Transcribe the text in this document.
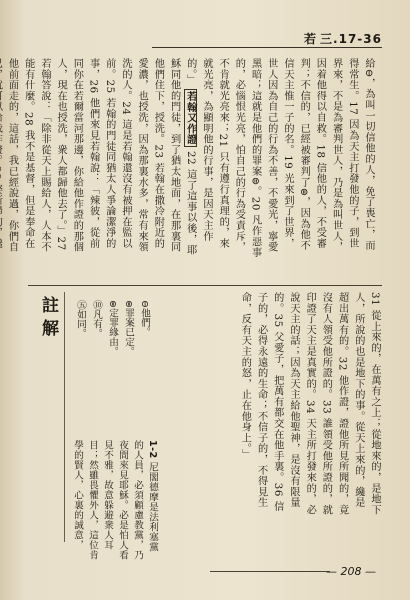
若 三.17-36
給⊖，為叫一切信他的人，免了喪亡，而得常生。17 因為天主打發他的子，到世界來，不是為審判世人，乃是為叫世人，因着他得以自救。18 信他的人，不受審判；不信的，已經被審判了⊜，因為他不信天主惟一子的名。19 光來到了世界，世人因為自己的行為不善，不愛光，寧愛黑暗；這就是他們的罪案⊜。20 凡作惡事的，必惱恨光亮，怕自己的行為受責斥，不肯就光亮來；21 只有遵行真理的，來就光亮，為顯明他的行事，是因天主作的。」 若翰又作證 22 這了這事以後，耶穌同他的門徒，到了猶太地面，在那裏同他們住下，授洗。23 若翰在撒冷附近的愛濃，也授洗，因為那裏水多，常有來領洗的人。24 這是若翰還沒有被押在監以前。25 若翰的門徒同猶太人爭論潔淨的事，26 他們來見若翰說：「辣彼，從前同你在若爾當河那邊，你給他作證的那個人，現在也授洗，衆人都歸他去了。」27 若翰答說：「除非從天上賜給人，人本不能有什麼。28 我不是基督，但是奉命在他前面走的，這話，我已經說過，你們自
31 從上來的，在萬有之上；從地來的，是地下人，所說的也是地下的事。從天上來的，纔是超出萬有的。32 他作證，證他所見所聞的，竟沒有人領受他所證的。33 誰領受他所證的，就印證了天主是真實的。34 天主所打發來的，必說天主的話；因為天主給他聖神，是沒有限量的。35 父愛子，把萬有都交在他手裏。36 信子的，必得永遠的生命；不信子的，不得見生命，反有天主的怒，止在他身上。」
⊖他們。
⊜罪案已定。
⊜定罪緣由。
⑩凡有。
㊄如同。
註解
1-2 尼閣德摩是法利塞黨的人員，必須顧慮教黨，乃夜間來見耶穌。必是怕人看見不雅，故意躲避衆人耳目；然雖畏懼外人，這位肯學的賢人，心裏的誠意，
— 208 —
